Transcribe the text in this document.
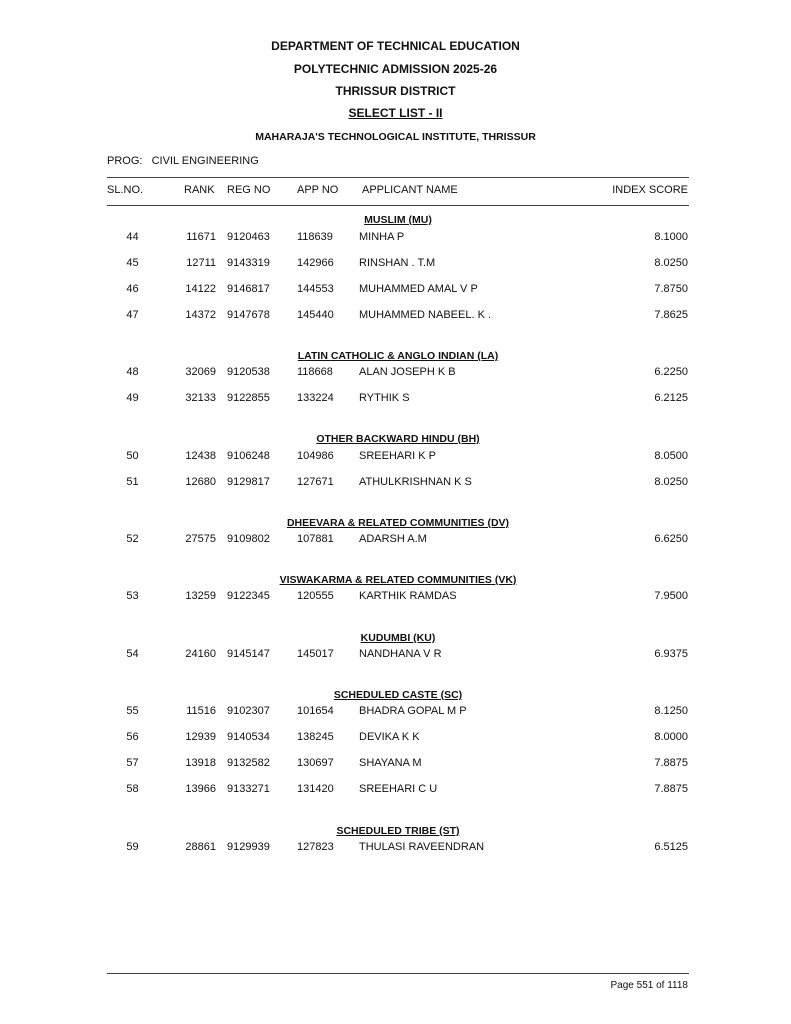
DEPARTMENT OF TECHNICAL EDUCATION
POLYTECHNIC ADMISSION 2025-26
THRISSUR DISTRICT
SELECT LIST - II
MAHARAJA'S TECHNOLOGICAL INSTITUTE, THRISSUR
PROG:   CIVIL ENGINEERING
SL.NO.	RANK REG NO APP NO APPLICANT NAME	INDEX SCORE
MUSLIM (MU)
44	11671 9120463 118639 MINHA P	8.1000
45	12711 9143319 142966 RINSHAN . T.M	8.0250
46	14122 9146817 144553 MUHAMMED AMAL V P	7.8750
47	14372 9147678 145440 MUHAMMED NABEEL. K .	7.8625
LATIN CATHOLIC & ANGLO INDIAN (LA)
48	32069 9120538 118668 ALAN JOSEPH K B	6.2250
49	32133 9122855 133224 RYTHIK S	6.2125
OTHER BACKWARD HINDU (BH)
50	12438 9106248 104986 SREEHARI K P	8.0500
51	12680 9129817 127671 ATHULKRISHNAN K S	8.0250
DHEEVARA & RELATED COMMUNITIES (DV)
52	27575 9109802 107881 ADARSH A.M	6.6250
VISWAKARMA & RELATED COMMUNITIES (VK)
53	13259 9122345 120555 KARTHIK RAMDAS	7.9500
KUDUMBI (KU)
54	24160 9145147 145017 NANDHANA V R	6.9375
SCHEDULED CASTE (SC)
55	11516 9102307 101654 BHADRA GOPAL M P	8.1250
56	12939 9140534 138245 DEVIKA K K	8.0000
57	13918 9132582 130697 SHAYANA M	7.8875
58	13966 9133271 131420 SREEHARI C U	7.8875
SCHEDULED TRIBE (ST)
59	28861 9129939 127823 THULASI RAVEENDRAN	6.5125
Page 551 of 1118
